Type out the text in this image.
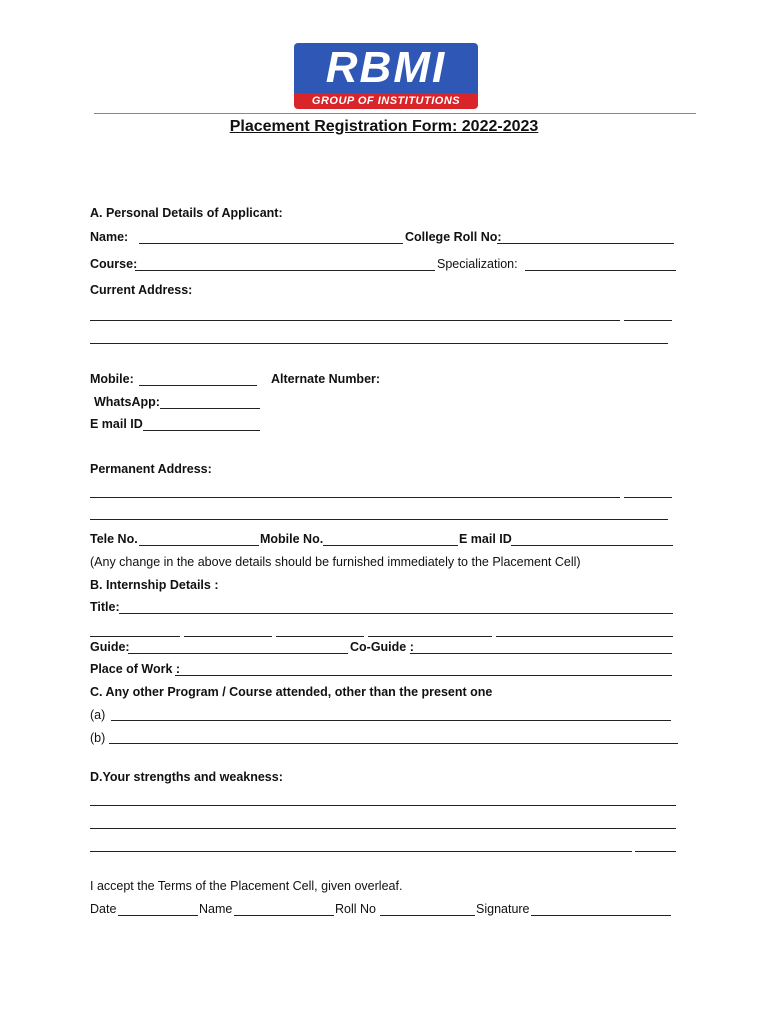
RBMI
GROUP OF INSTITUTIONS
Placement Registration Form: 2022-2023
A. Personal Details of Applicant:
Name:	College Roll No:
Course:	Specialization:
Current Address:
Mobile:	Alternate Number:
WhatsApp:
E mail ID
Permanent Address:
Tele No.	Mobile No.	E mail ID
(Any change in the above details should be furnished immediately to the Placement Cell)
B. Internship Details :
Title:
Guide:	Co-Guide :
Place of Work :
C. Any other Program / Course attended, other than the present one
(a)
(b)
D.Your strengths and weakness:
I accept the Terms of the Placement Cell, given overleaf.
Date	Name	Roll No	Signature
